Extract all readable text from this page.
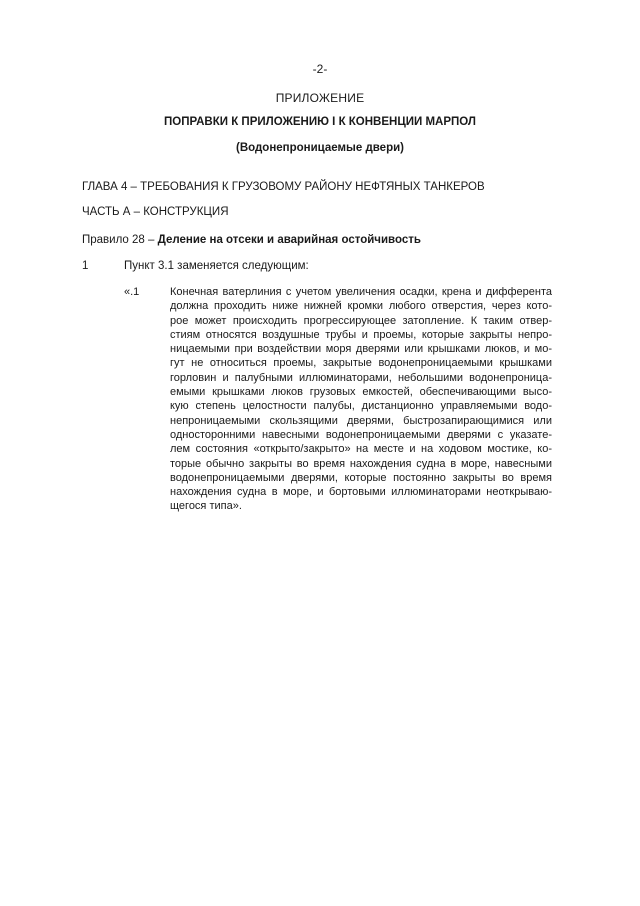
-2-
ПРИЛОЖЕНИЕ
ПОПРАВКИ К ПРИЛОЖЕНИЮ I К КОНВЕНЦИИ МАРПОЛ
(Водонепроницаемые двери)
ГЛАВА 4 – ТРЕБОВАНИЯ К ГРУЗОВОМУ РАЙОНУ НЕФТЯНЫХ ТАНКЕРОВ
ЧАСТЬ А – КОНСТРУКЦИЯ
Правило 28 – Деление на отсеки и аварийная остойчивость
1	Пункт 3.1 заменяется следующим:
«.1	Конечная ватерлиния с учетом увеличения осадки, крена и дифферента
должна проходить ниже нижней кромки любого отверстия, через кото-
рое может происходить прогрессирующее затопление. К таким отвер-
стиям относятся воздушные трубы и проемы, которые закрыты непро-
ницаемыми при воздействии моря дверями или крышками люков, и мо-
гут не относиться проемы, закрытые водонепроницаемыми крышками
горловин и палубными иллюминаторами, небольшими водонепроница-
емыми крышками люков грузовых емкостей, обеспечивающими высо-
кую степень целостности палубы, дистанционно управляемыми водо-
непроницаемыми скользящими дверями, быстрозапирающимися или
односторонними навесными водонепроницаемыми дверями с указате-
лем состояния «открыто/закрыто» на месте и на ходовом мостике, ко-
торые обычно закрыты во время нахождения судна в море, навесными
водонепроницаемыми дверями, которые постоянно закрыты во время
нахождения судна в море, и бортовыми иллюминаторами неоткрываю-
щегося типа».
